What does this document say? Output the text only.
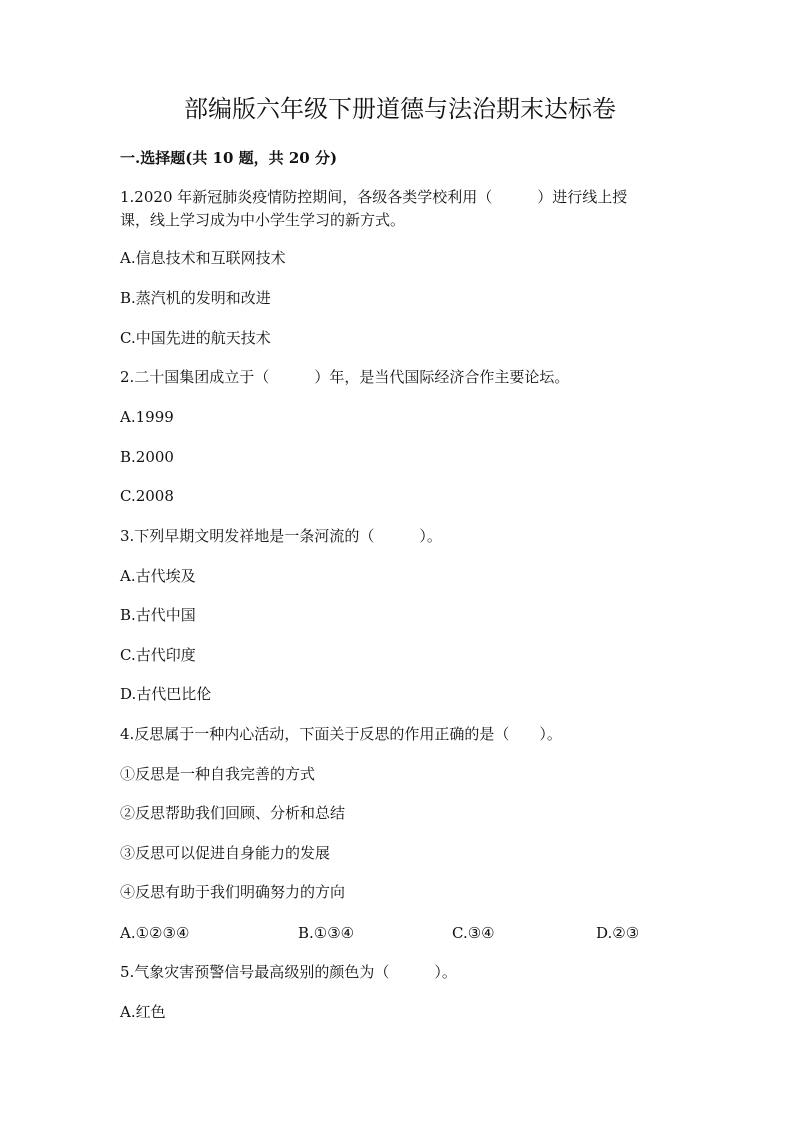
部编版六年级下册道德与法治期末达标卷
一.选择题(共 10 题，共 20 分)
1.2020 年新冠肺炎疫情防控期间，各级各类学校利用（　　　）进行线上授
课，线上学习成为中小学生学习的新方式。
A.信息技术和互联网技术
B.蒸汽机的发明和改进
C.中国先进的航天技术
2.二十国集团成立于（　　　）年，是当代国际经济合作主要论坛。
A.1999
B.2000
C.2008
3.下列早期文明发祥地是一条河流的（　　　）。
A.古代埃及
B.古代中国
C.古代印度
D.古代巴比伦
4.反思属于一种内心活动，下面关于反思的作用正确的是（　　）。
①反思是一种自我完善的方式
②反思帮助我们回顾、分析和总结
③反思可以促进自身能力的发展
④反思有助于我们明确努力的方向
A.①②③④	B.①③④	C.③④	D.②③
5.气象灾害预警信号最高级别的颜色为（　　　）。
A.红色
